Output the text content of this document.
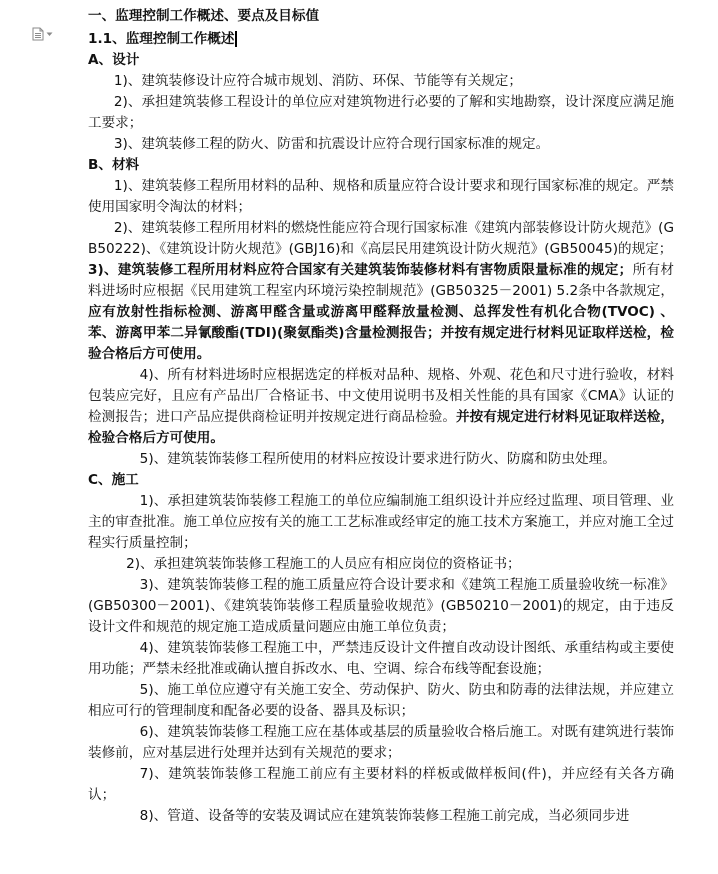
一、监理控制工作概述、要点及目标值
1.1、监理控制工作概述
A、设计

1)、建筑装修设计应符合城市规划、消防、环保、节能等有关规定；

2)、承担建筑装修工程设计的单位应对建筑物进行必要的了解和实地勘察，设计深度应满足施工要求；

3)、建筑装修工程的防火、防雷和抗震设计应符合现行国家标准的规定。

B、材料

1)、建筑装修工程所用材料的品种、规格和质量应符合设计要求和现行国家标准的规定。严禁使用国家明令淘汰的材料；

2)、建筑装修工程所用材料的燃烧性能应符合现行国家标准《建筑内部装修设计防火规范》(GB50222)、《建筑设计防火规范》(GBJ16)和《高层民用建筑设计防火规范》(GB50045)的规定；

3)、建筑装修工程所用材料应符合国家有关建筑装饰装修材料有害物质限量标准的规定；所有材料进场时应根据《民用建筑工程室内环境污染控制规范》(GB50325－2001) 5.2条中各款规定，应有放射性指标检测、游离甲醛含量或游离甲醛释放量检测、总挥发性有机化合物(TVOC) 、苯、游离甲苯二异氰酸酯(TDI)(聚氨酯类)含量检测报告；并按有规定进行材料见证取样送检，检验合格后方可使用。

4)、所有材料进场时应根据选定的样板对品种、规格、外观、花色和尺寸进行验收，材料包装应完好，且应有产品出厂合格证书、中文使用说明书及相关性能的具有国家《CMA》认证的检测报告；进口产品应提供商检证明并按规定进行商品检验。并按有规定进行材料见证取样送检，检验合格后方可使用。

5)、建筑装饰装修工程所使用的材料应按设计要求进行防火、防腐和防虫处理。

C、施工

1)、承担建筑装饰装修工程施工的单位应编制施工组织设计并应经过监理、项目管理、业主的审查批准。施工单位应按有关的施工工艺标准或经审定的施工技术方案施工，并应对施工全过程实行质量控制；

2)、承担建筑装饰装修工程施工的人员应有相应岗位的资格证书；

3)、建筑装饰装修工程的施工质量应符合设计要求和《建筑工程施工质量验收统一标准》(GB50300－2001)、《建筑装饰装修工程质量验收规范》(GB50210－2001)的规定，由于违反设计文件和规范的规定施工造成质量问题应由施工单位负责；

4)、建筑装饰装修工程施工中，严禁违反设计文件擅自改动设计图纸、承重结构或主要使用功能；严禁未经批准或确认擅自拆改水、电、空调、综合布线等配套设施；

5)、施工单位应遵守有关施工安全、劳动保护、防火、防虫和防毒的法律法规，并应建立相应可行的管理制度和配备必要的设备、器具及标识；

6)、建筑装饰装修工程施工应在基体或基层的质量验收合格后施工。对既有建筑进行装饰装修前，应对基层进行处理并达到有关规范的要求；

7)、建筑装饰装修工程施工前应有主要材料的样板或做样板间(件)，并应经有关各方确认；

8)、管道、设备等的安装及调试应在建筑装饰装修工程施工前完成，当必须同步进
